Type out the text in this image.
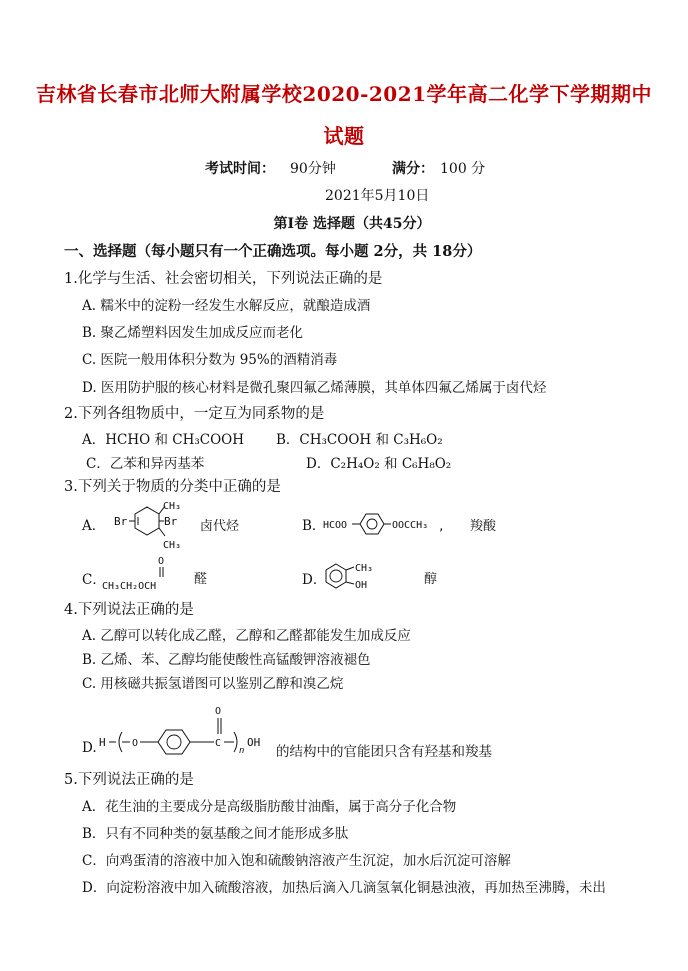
吉林省长春市北师大附属学校2020-2021学年高二化学下学期期中
试题
考试时间： 90分钟	满分： 100 分
2021年5月10日
第Ⅰ卷 选择题（共45分）
一、选择题（每小题只有一个正确选项。每小题 2分，共 18分）
1.化学与生活、社会密切相关，下列说法正确的是
A. 糯米中的淀粉一经发生水解反应，就酿造成酒
B. 聚乙烯塑料因发生加成反应而老化
C. 医院一般用体积分数为 95%的酒精消毒
D. 医用防护服的核心材料是微孔聚四氟乙烯薄膜，其单体四氟乙烯属于卤代烃
2.下列各组物质中，一定互为同系物的是
A．HCHO 和 CH₃COOH B．CH₃COOH 和 C₃H₆O₂
C．乙苯和异丙基苯	D．C₂H₄O₂ 和 C₆H₈O₂
3.下列关于物质的分类中正确的是
A．
CH₃
Br
Br
CH₃
卤代烃	B．
HCOO	OOCCH₃ , 羧酸
C．
O
CH₃CH₂OCH	醛	D．
CH₃
OH	醇
4.下列说法正确的是
A. 乙醇可以转化成乙醛，乙醇和乙醛都能发生加成反应
B. 乙烯、苯、乙醇均能使酸性高锰酸钾溶液褪色
C. 用核磁共振氢谱图可以鉴别乙醇和溴乙烷
D. H	O	C
O
n
OH
的结构中的官能团只含有羟基和羧基
5.下列说法正确的是
A．花生油的主要成分是高级脂肪酸甘油酯，属于高分子化合物
B．只有不同种类的氨基酸之间才能形成多肽
C．向鸡蛋清的溶液中加入饱和硫酸钠溶液产生沉淀，加水后沉淀可溶解
D．向淀粉溶液中加入硫酸溶液，加热后滴入几滴氢氧化铜悬浊液，再加热至沸腾，未出
